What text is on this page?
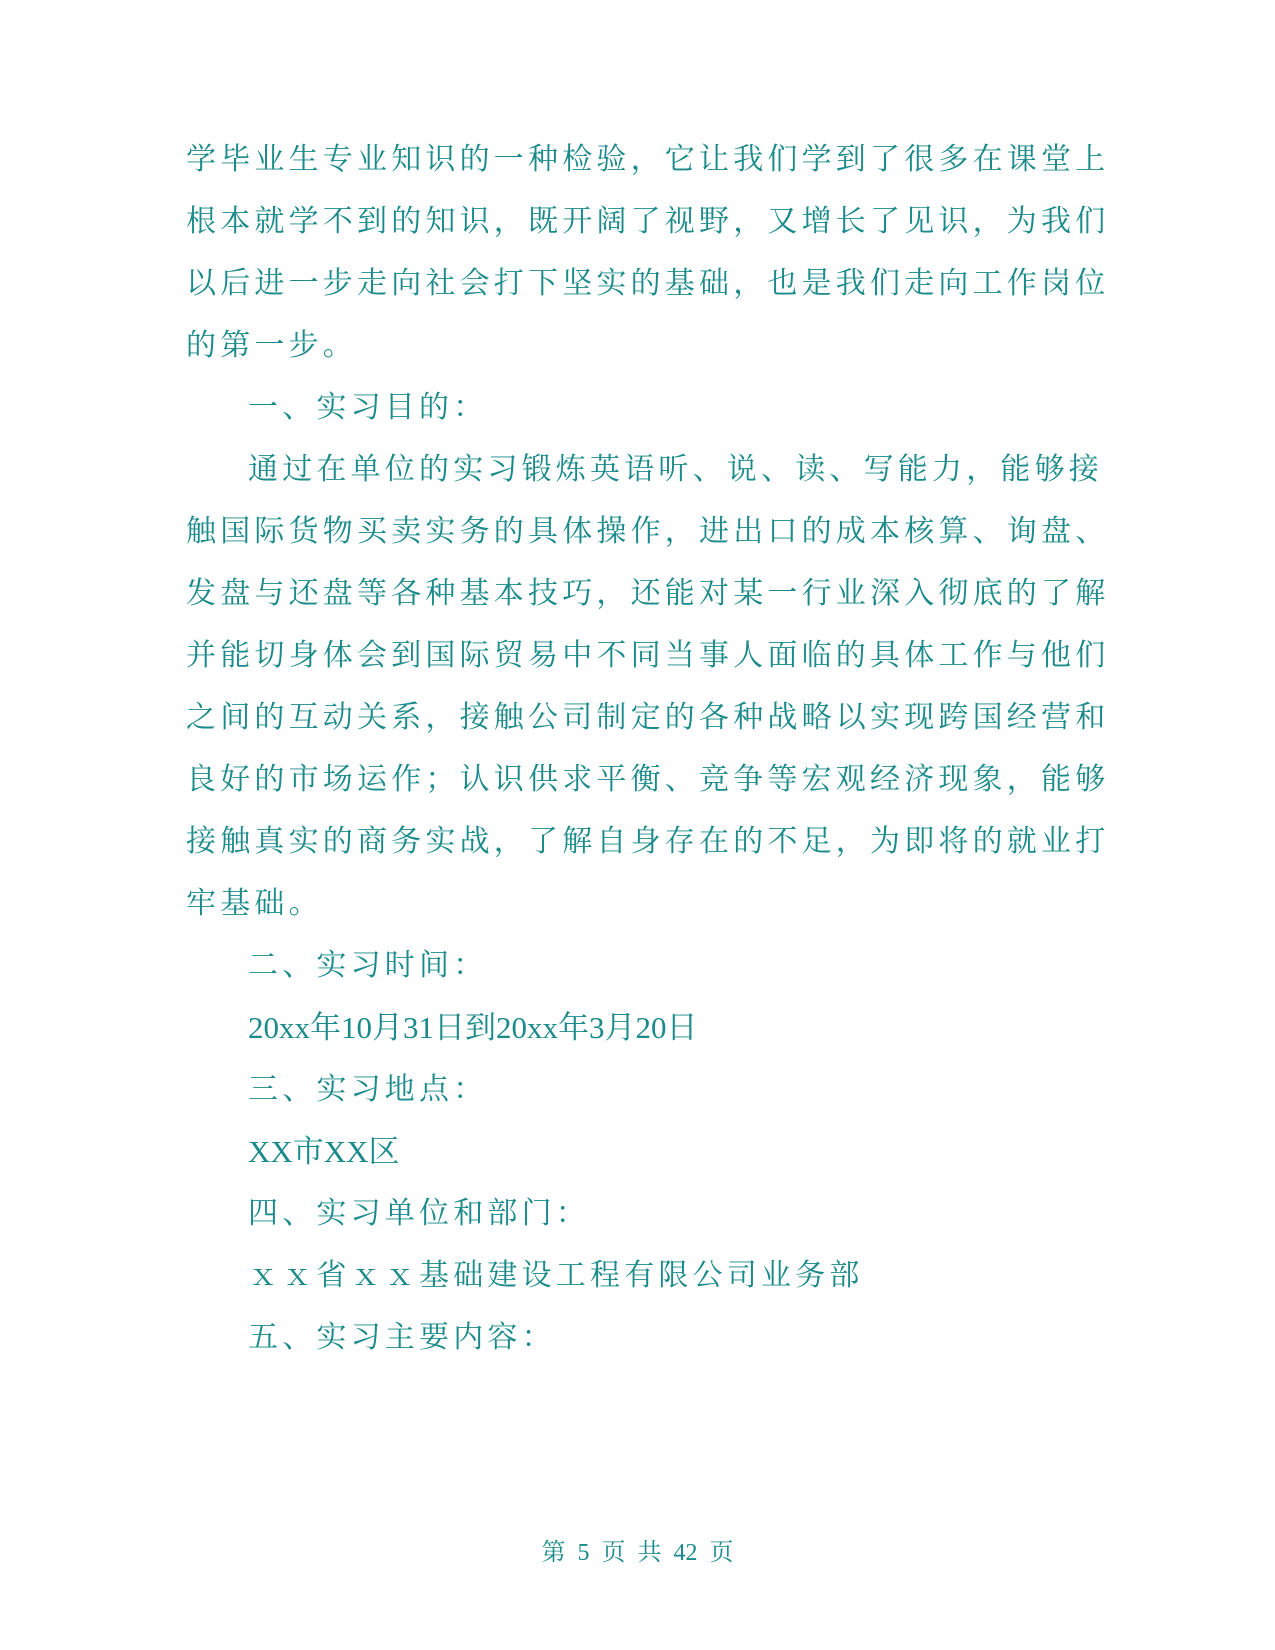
学毕业生专业知识的一种检验，它让我们学到了很多在课堂上
根本就学不到的知识，既开阔了视野，又增长了见识，为我们
以后进一步走向社会打下坚实的基础，也是我们走向工作岗位
的第一步。
一、实习目的：
通过在单位的实习锻炼英语听、说、读、写能力，能够接
触国际货物买卖实务的具体操作，进出口的成本核算、询盘、
发盘与还盘等各种基本技巧，还能对某一行业深入彻底的了解
并能切身体会到国际贸易中不同当事人面临的具体工作与他们
之间的互动关系，接触公司制定的各种战略以实现跨国经营和
良好的市场运作；认识供求平衡、竞争等宏观经济现象，能够
接触真实的商务实战，了解自身存在的不足，为即将的就业打
牢基础。
二、实习时间：
20xx年10月31日到20xx年3月20日
三、实习地点：
XX市XX区
四、实习单位和部门：
ｘｘ省ｘｘ基础建设工程有限公司业务部
五、实习主要内容：
第 5 页 共 42 页
